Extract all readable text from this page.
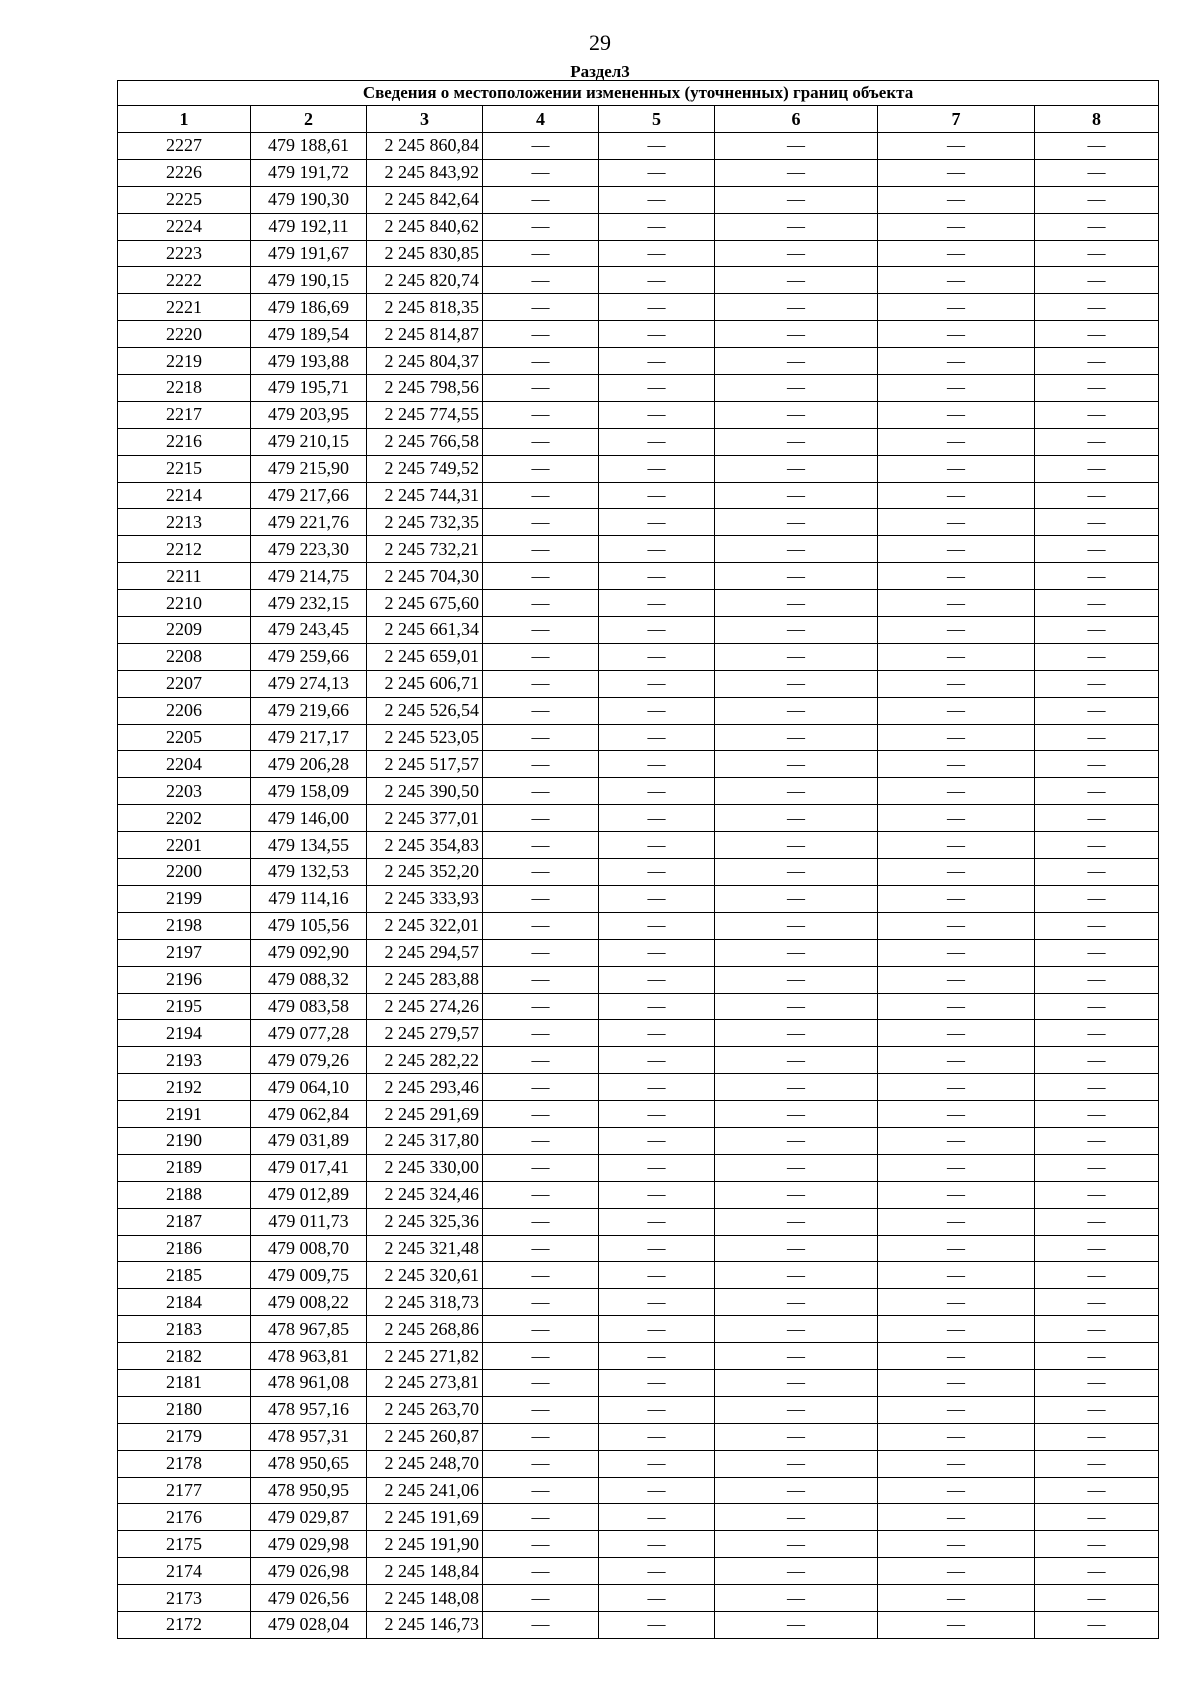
29
Раздел3
Сведения о местоположении измененных (уточненных) границ объекта							
1	2	3	4	5	6	7	8
2227	479 188,61	2 245 860,84	—	—	—	—	—
2226	479 191,72	2 245 843,92	—	—	—	—	—
2225	479 190,30	2 245 842,64	—	—	—	—	—
2224	479 192,11	2 245 840,62	—	—	—	—	—
2223	479 191,67	2 245 830,85	—	—	—	—	—
2222	479 190,15	2 245 820,74	—	—	—	—	—
2221	479 186,69	2 245 818,35	—	—	—	—	—
2220	479 189,54	2 245 814,87	—	—	—	—	—
2219	479 193,88	2 245 804,37	—	—	—	—	—
2218	479 195,71	2 245 798,56	—	—	—	—	—
2217	479 203,95	2 245 774,55	—	—	—	—	—
2216	479 210,15	2 245 766,58	—	—	—	—	—
2215	479 215,90	2 245 749,52	—	—	—	—	—
2214	479 217,66	2 245 744,31	—	—	—	—	—
2213	479 221,76	2 245 732,35	—	—	—	—	—
2212	479 223,30	2 245 732,21	—	—	—	—	—
2211	479 214,75	2 245 704,30	—	—	—	—	—
2210	479 232,15	2 245 675,60	—	—	—	—	—
2209	479 243,45	2 245 661,34	—	—	—	—	—
2208	479 259,66	2 245 659,01	—	—	—	—	—
2207	479 274,13	2 245 606,71	—	—	—	—	—
2206	479 219,66	2 245 526,54	—	—	—	—	—
2205	479 217,17	2 245 523,05	—	—	—	—	—
2204	479 206,28	2 245 517,57	—	—	—	—	—
2203	479 158,09	2 245 390,50	—	—	—	—	—
2202	479 146,00	2 245 377,01	—	—	—	—	—
2201	479 134,55	2 245 354,83	—	—	—	—	—
2200	479 132,53	2 245 352,20	—	—	—	—	—
2199	479 114,16	2 245 333,93	—	—	—	—	—
2198	479 105,56	2 245 322,01	—	—	—	—	—
2197	479 092,90	2 245 294,57	—	—	—	—	—
2196	479 088,32	2 245 283,88	—	—	—	—	—
2195	479 083,58	2 245 274,26	—	—	—	—	—
2194	479 077,28	2 245 279,57	—	—	—	—	—
2193	479 079,26	2 245 282,22	—	—	—	—	—
2192	479 064,10	2 245 293,46	—	—	—	—	—
2191	479 062,84	2 245 291,69	—	—	—	—	—
2190	479 031,89	2 245 317,80	—	—	—	—	—
2189	479 017,41	2 245 330,00	—	—	—	—	—
2188	479 012,89	2 245 324,46	—	—	—	—	—
2187	479 011,73	2 245 325,36	—	—	—	—	—
2186	479 008,70	2 245 321,48	—	—	—	—	—
2185	479 009,75	2 245 320,61	—	—	—	—	—
2184	479 008,22	2 245 318,73	—	—	—	—	—
2183	478 967,85	2 245 268,86	—	—	—	—	—
2182	478 963,81	2 245 271,82	—	—	—	—	—
2181	478 961,08	2 245 273,81	—	—	—	—	—
2180	478 957,16	2 245 263,70	—	—	—	—	—
2179	478 957,31	2 245 260,87	—	—	—	—	—
2178	478 950,65	2 245 248,70	—	—	—	—	—
2177	478 950,95	2 245 241,06	—	—	—	—	—
2176	479 029,87	2 245 191,69	—	—	—	—	—
2175	479 029,98	2 245 191,90	—	—	—	—	—
2174	479 026,98	2 245 148,84	—	—	—	—	—
2173	479 026,56	2 245 148,08	—	—	—	—	—
2172	479 028,04	2 245 146,73	—	—	—	—	—
